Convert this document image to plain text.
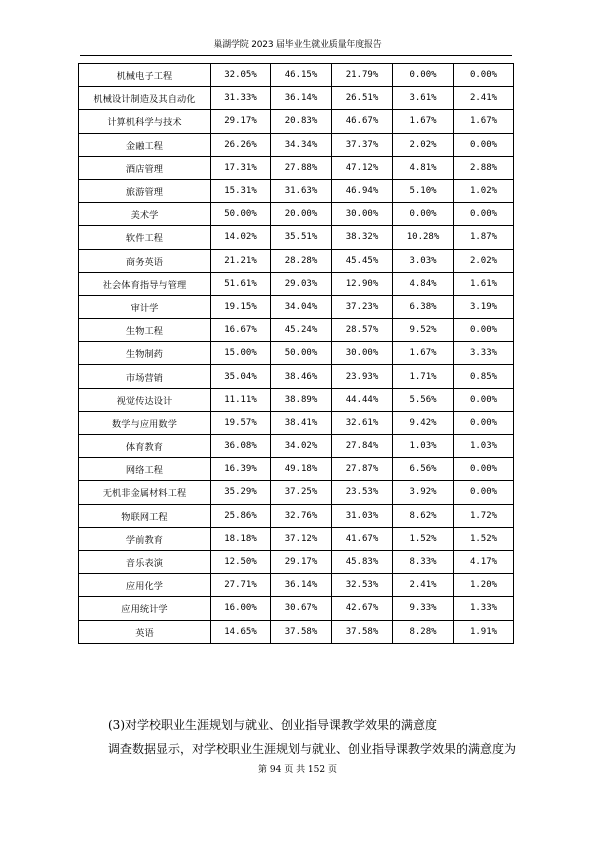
巢湖学院 2023 届毕业生就业质量年度报告
机械电子工程	32.05%	46.15%	21.79%	0.00%	0.00%
机械设计制造及其自动化	31.33%	36.14%	26.51%	3.61%	2.41%
计算机科学与技术	29.17%	20.83%	46.67%	1.67%	1.67%
金融工程	26.26%	34.34%	37.37%	2.02%	0.00%
酒店管理	17.31%	27.88%	47.12%	4.81%	2.88%
旅游管理	15.31%	31.63%	46.94%	5.10%	1.02%
美术学	50.00%	20.00%	30.00%	0.00%	0.00%
软件工程	14.02%	35.51%	38.32%	10.28%	1.87%
商务英语	21.21%	28.28%	45.45%	3.03%	2.02%
社会体育指导与管理	51.61%	29.03%	12.90%	4.84%	1.61%
审计学	19.15%	34.04%	37.23%	6.38%	3.19%
生物工程	16.67%	45.24%	28.57%	9.52%	0.00%
生物制药	15.00%	50.00%	30.00%	1.67%	3.33%
市场营销	35.04%	38.46%	23.93%	1.71%	0.85%
视觉传达设计	11.11%	38.89%	44.44%	5.56%	0.00%
数学与应用数学	19.57%	38.41%	32.61%	9.42%	0.00%
体育教育	36.08%	34.02%	27.84%	1.03%	1.03%
网络工程	16.39%	49.18%	27.87%	6.56%	0.00%
无机非金属材料工程	35.29%	37.25%	23.53%	3.92%	0.00%
物联网工程	25.86%	32.76%	31.03%	8.62%	1.72%
学前教育	18.18%	37.12%	41.67%	1.52%	1.52%
音乐表演	12.50%	29.17%	45.83%	8.33%	4.17%
应用化学	27.71%	36.14%	32.53%	2.41%	1.20%
应用统计学	16.00%	30.67%	42.67%	9.33%	1.33%
英语	14.65%	37.58%	37.58%	8.28%	1.91%
(3)对学校职业生涯规划与就业、创业指导课教学效果的满意度
调查数据显示，对学校职业生涯规划与就业、创业指导课教学效果的满意度为
第 94 页 共 152 页
